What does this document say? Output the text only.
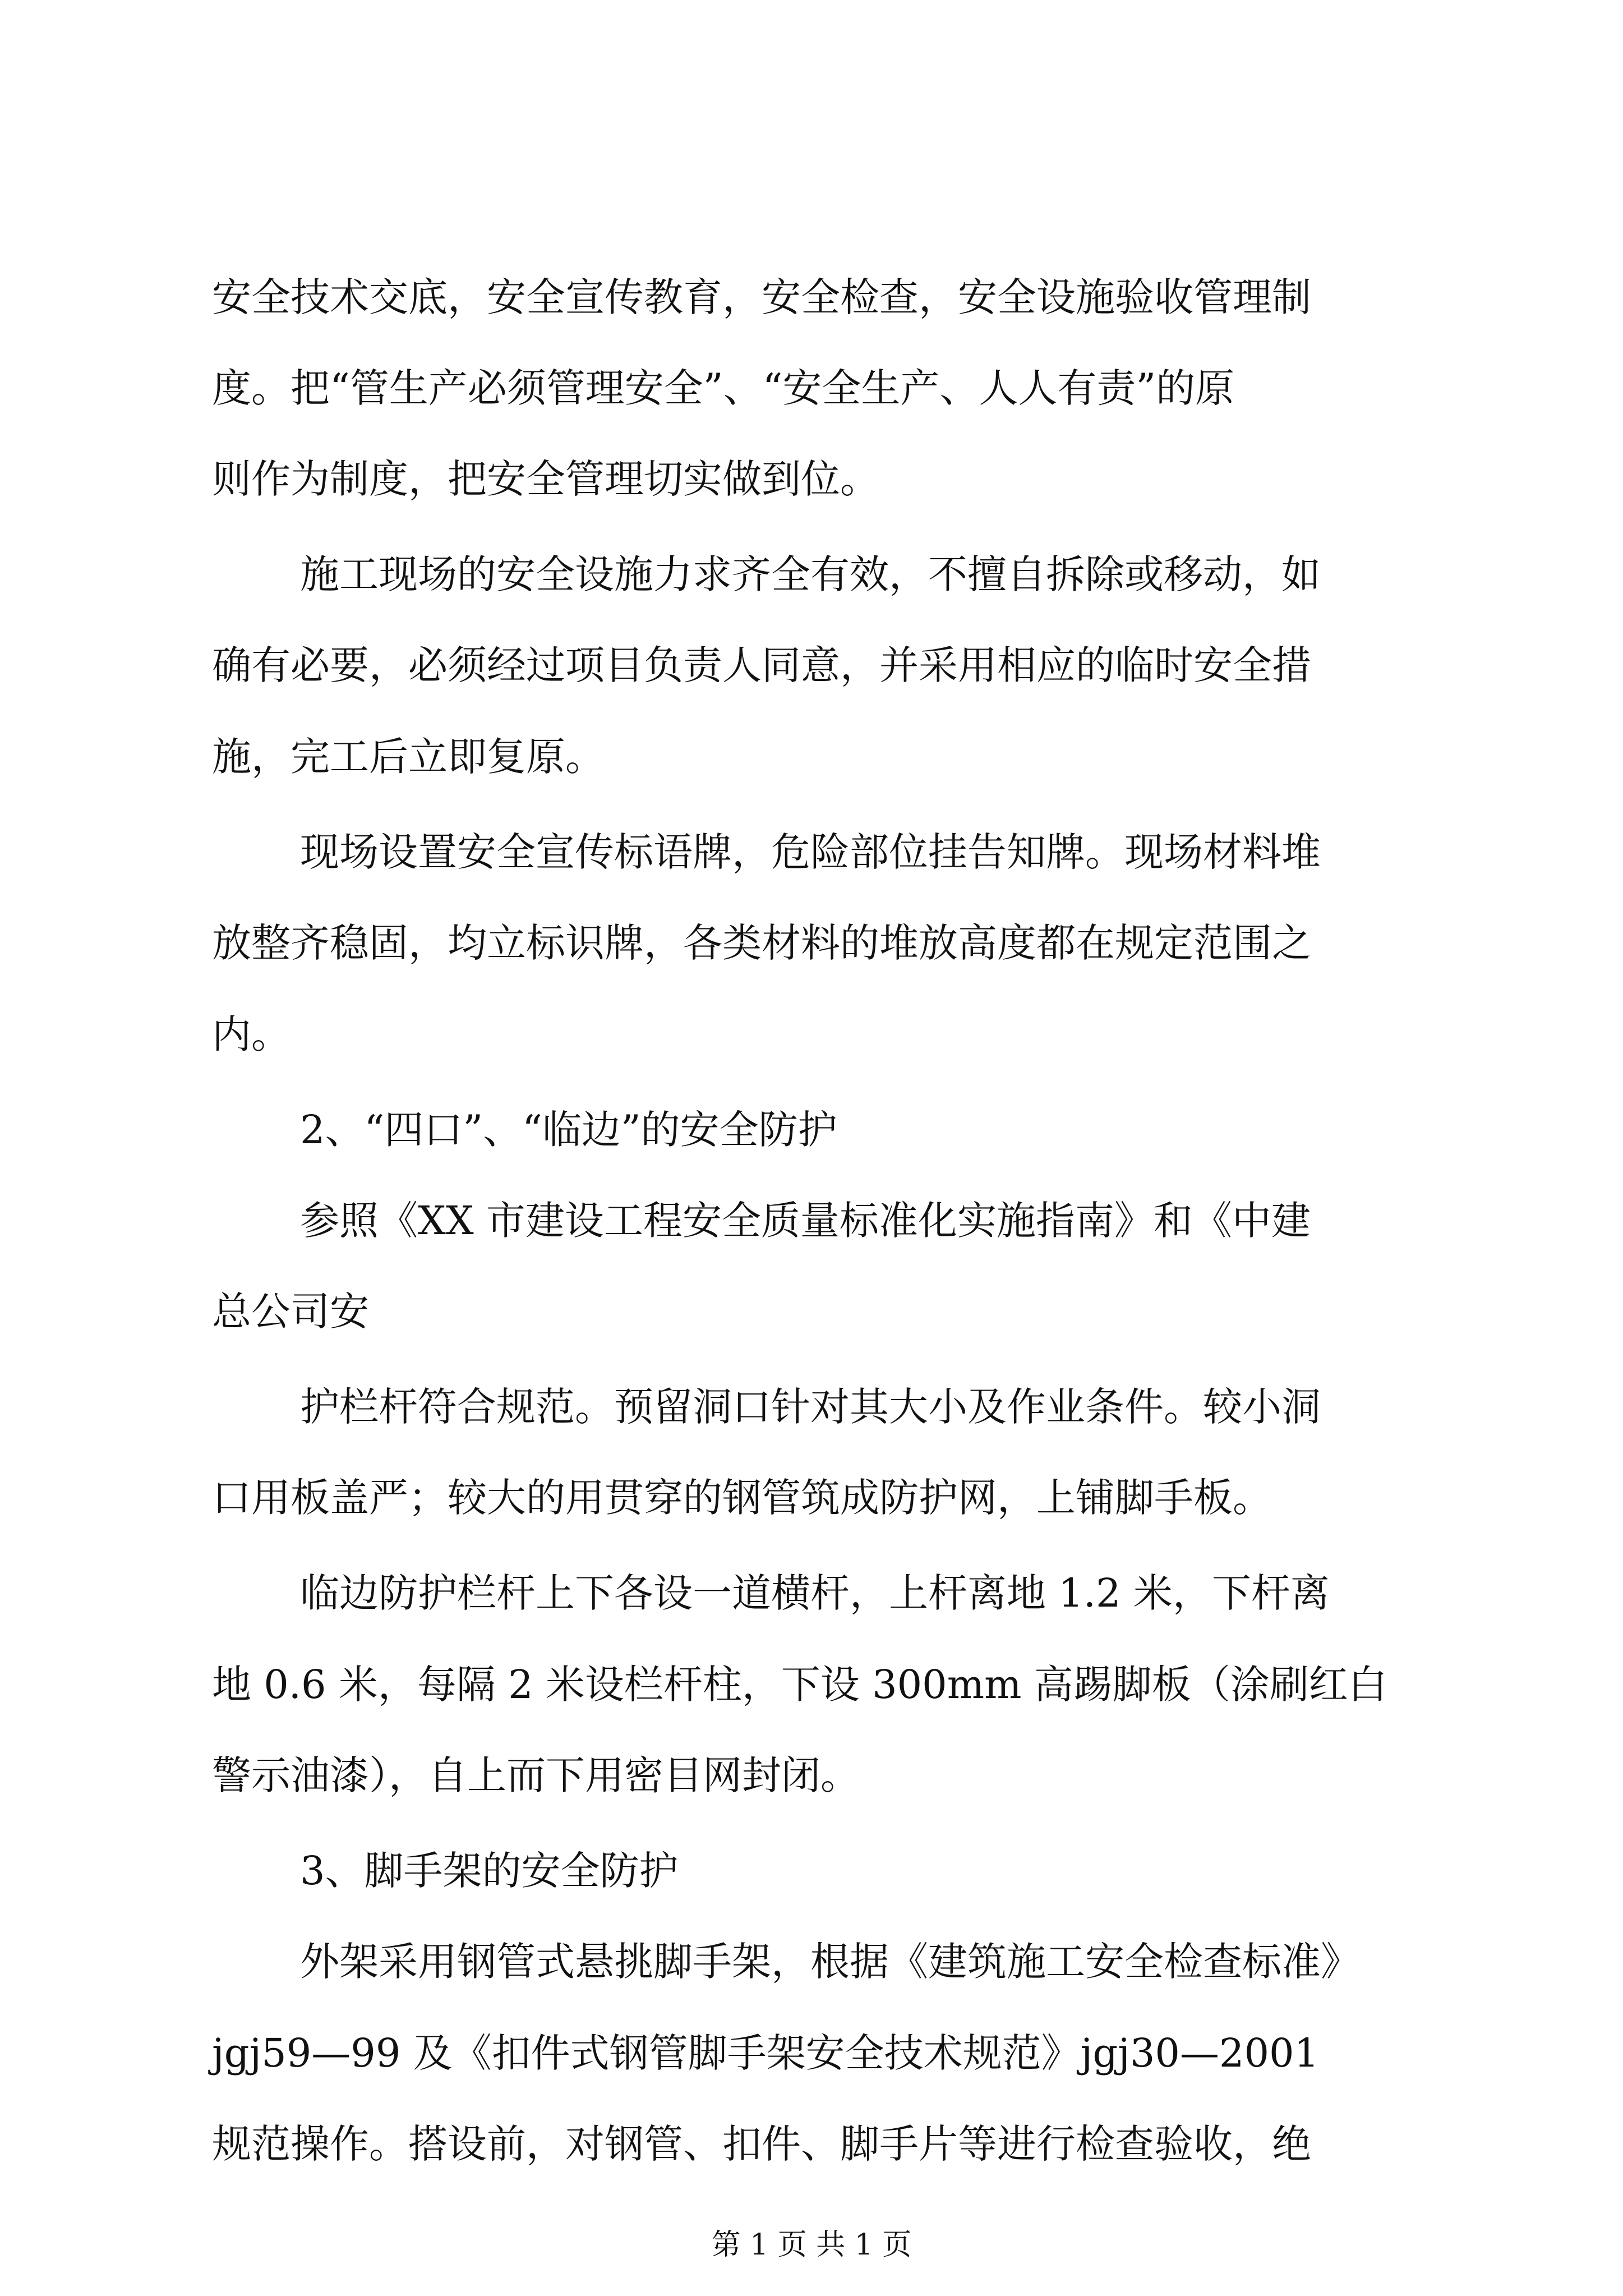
安全技术交底，安全宣传教育，安全检查，安全设施验收管理制
度。把“管生产必须管理安全”、“安全生产、人人有责”的原
则作为制度，把安全管理切实做到位。
施工现场的安全设施力求齐全有效，不擅自拆除或移动，如
确有必要，必须经过项目负责人同意，并采用相应的临时安全措
施，完工后立即复原。
现场设置安全宣传标语牌，危险部位挂告知牌。现场材料堆
放整齐稳固，均立标识牌，各类材料的堆放高度都在规定范围之
内。
2、“四口”、“临边”的安全防护
参照《XX 市建设工程安全质量标准化实施指南》和《中建
总公司安
护栏杆符合规范。预留洞口针对其大小及作业条件。较小洞
口用板盖严；较大的用贯穿的钢管筑成防护网，上铺脚手板。
临边防护栏杆上下各设一道横杆，上杆离地 1.2 米，下杆离
地 0.6 米，每隔 2 米设栏杆柱，下设 300mm 高踢脚板（涂刷红白
警示油漆），自上而下用密目网封闭。
3、脚手架的安全防护
外架采用钢管式悬挑脚手架，根据《建筑施工安全检查标准》
jgj59—99 及《扣件式钢管脚手架安全技术规范》jgj30—2001
规范操作。搭设前，对钢管、扣件、脚手片等进行检查验收，绝
第 1 页 共 1 页
